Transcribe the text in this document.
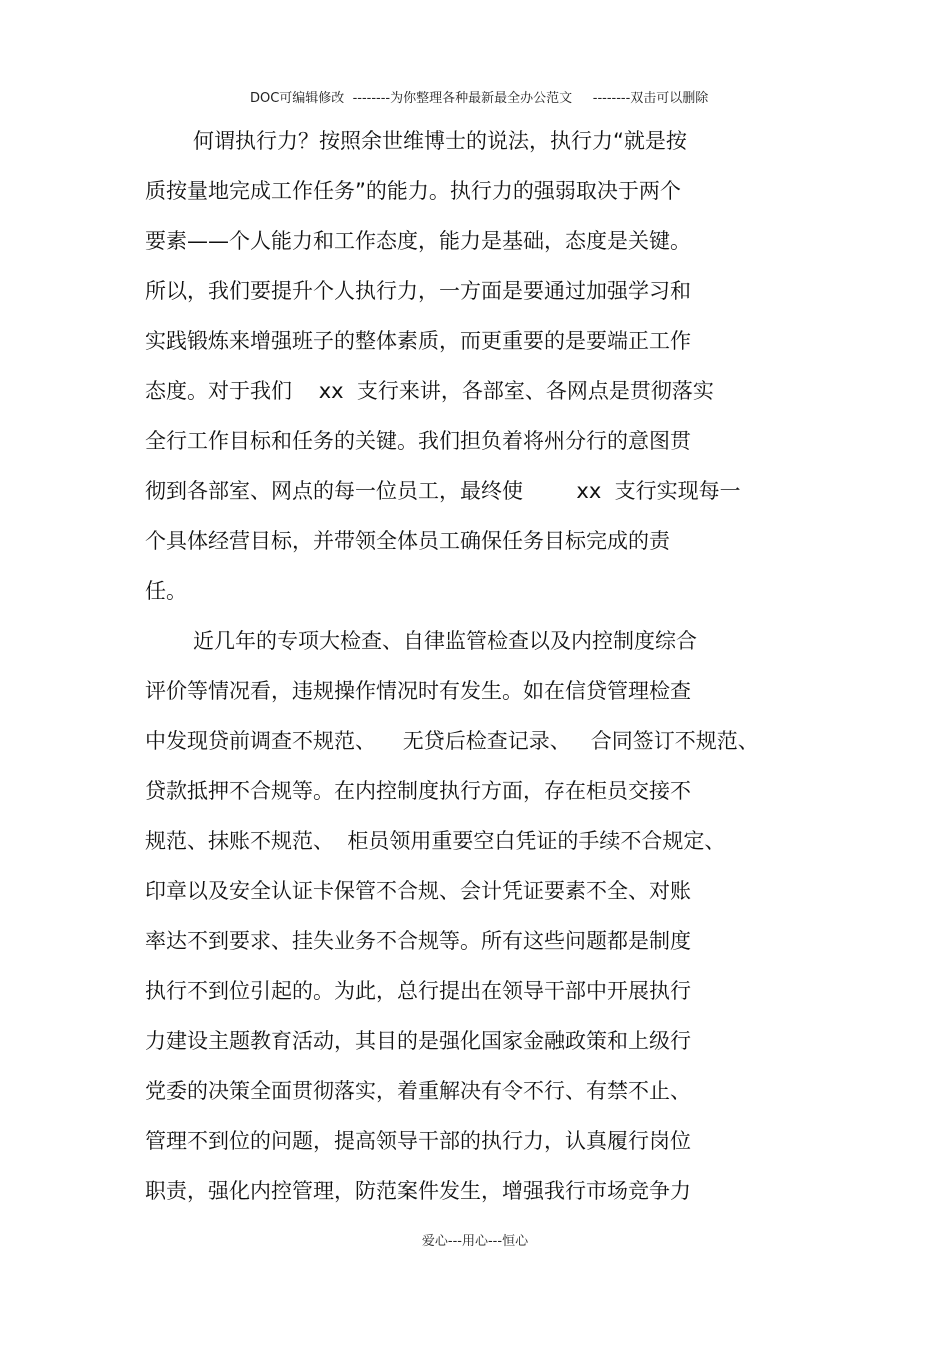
DOC可编辑修改 --------为你整理各种最新最全办公范文 --------双击可以删除

何谓执行力？按照余世维博士的说法，执行力“就是按
质按量地完成工作任务”的能力。执行力的强弱取决于两个
要素——个人能力和工作态度，能力是基础，态度是关键。
所以，我们要提升个人执行力，一方面是要通过加强学习和
实践锻炼来增强班子的整体素质，而更重要的是要端正工作
态度。对于我们    xx  支行来讲，各部室、各网点是贯彻落实
全行工作目标和任务的关键。我们担负着将州分行的意图贯
彻到各部室、网点的每一位员工，最终使        xx  支行实现每一
个具体经营目标，并带领全体员工确保任务目标完成的责
任。
近几年的专项大检查、自律监管检查以及内控制度综合
评价等情况看，违规操作情况时有发生。如在信贷管理检查
中发现贷前调查不规范、    无贷后检查记录、   合同签订不规范、
贷款抵押不合规等。在内控制度执行方面，存在柜员交接不
规范、抹账不规范、  柜员领用重要空白凭证的手续不合规定、
印章以及安全认证卡保管不合规、会计凭证要素不全、对账
率达不到要求、挂失业务不合规等。所有这些问题都是制度
执行不到位引起的。为此，总行提出在领导干部中开展执行
力建设主题教育活动，其目的是强化国家金融政策和上级行
党委的决策全面贯彻落实，着重解决有令不行、有禁不止、
管理不到位的问题，提高领导干部的执行力，认真履行岗位
职责，强化内控管理，防范案件发生，增强我行市场竞争力
爱心---用心---恒心
